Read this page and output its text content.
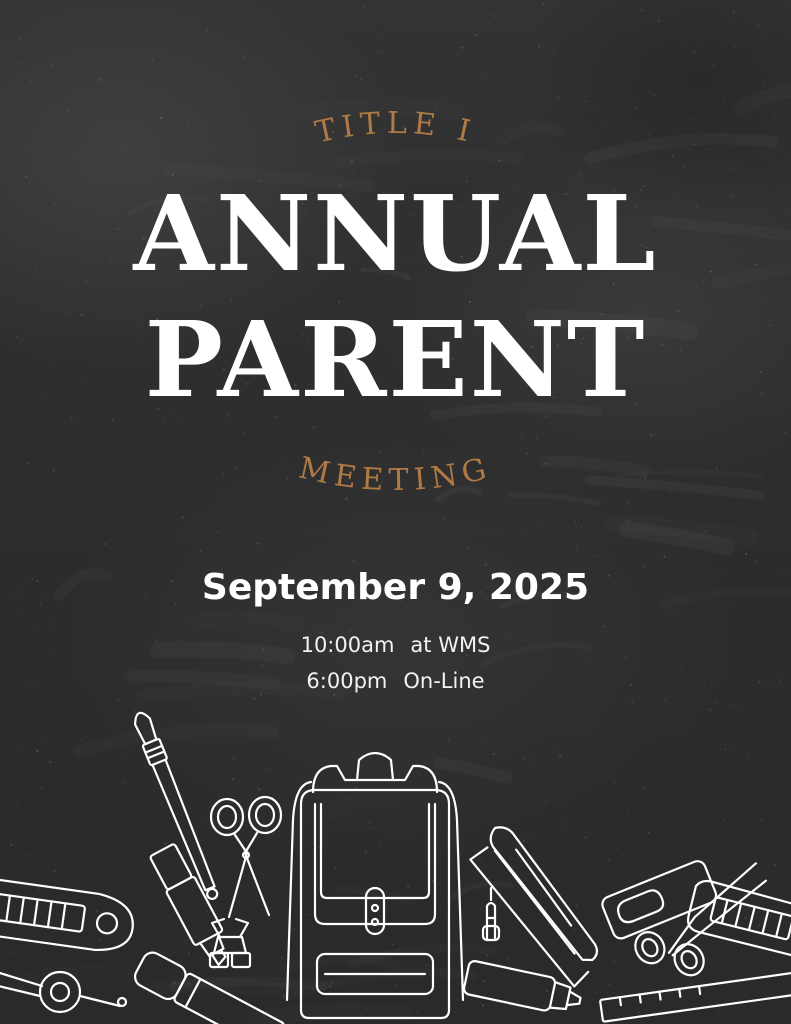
TITLE I
ANNUAL
PARENT
MEETING
September 9, 2025
10:00am at WMS
6:00pm On-Line
